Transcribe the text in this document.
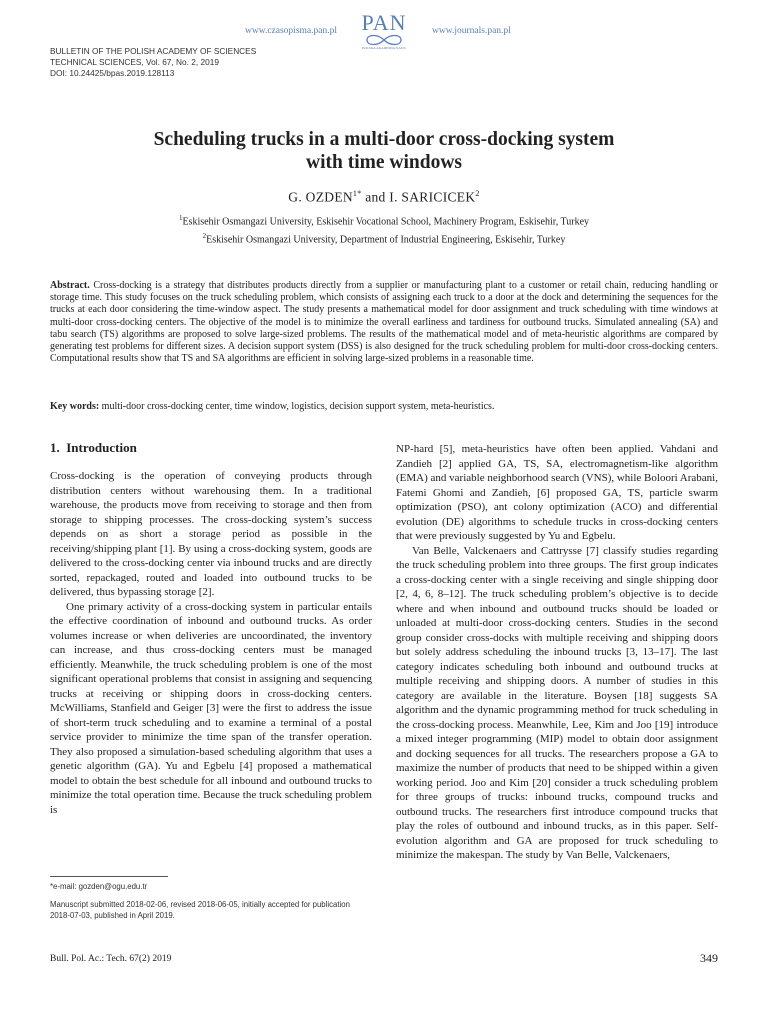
www.czasopisma.pan.pl PAN
POLSKA AKADEMIA NAUK
www.journals.pan.pl
BULLETIN OF THE POLISH ACADEMY OF SCIENCES
TECHNICAL SCIENCES, Vol. 67, No. 2, 2019
DOI: 10.24425/bpas.2019.128113
Scheduling trucks in a multi-door cross-docking system
with time windows
G. $OZDEN^{1*}$ and I. SARICICEK$^2$
$^1$Eskisehir Osmangazi University, Eskisehir Vocational School, Machinery Program, Eskisehir, Turkey
$^2$Eskisehir Osmangazi University, Department of Industrial Engineering, Eskisehir, Turkey
Abstract. Cross-docking is a strategy that distributes products directly from a supplier or manufacturing plant to a customer or retail chain, reducing handling or storage time. This study focuses on the truck scheduling problem, which consists of assigning each truck to a door at the dock and determining the sequences for the trucks at each door considering the time-window aspect. The study presents a mathematical model for door assignment and truck scheduling with time windows at multi-door cross-docking centers. The objective of the model is to minimize the overall earliness and tardiness for outbound trucks. Simulated annealing (SA) and tabu search (TS) algorithms are proposed to solve large-sized problems. The results of the mathematical model and of meta-heuristic algorithms are compared by generating test problems for different sizes. A decision support system (DSS) is also designed for the truck scheduling problem for multi-door cross-docking centers. Computational results show that TS and SA algorithms are efficient in solving large-sized problems in a reasonable time.
Key words: multi-door cross-docking center, time window, logistics, decision support system, meta-heuristics.
1. Introduction

Cross-docking is the operation of conveying products through distribution centers without warehousing them. In a traditional warehouse, the products move from receiving to storage and then from storage to shipping processes. The cross-docking system’s success depends on as short a storage period as possible in the receiving/shipping plant [1]. By using a cross-docking system, goods are delivered to the cross-docking center via inbound trucks and are directly sorted, repackaged, routed and loaded into outbound trucks to be delivered, thus bypassing storage [2].

One primary activity of a cross-docking system in particular entails the effective coordination of inbound and outbound trucks. As order volumes increase or when deliveries are uncoordinated, the inventory can increase, and thus cross-docking centers must be managed efficiently. Meanwhile, the truck scheduling problem is one of the most significant operational problems that consist in assigning and sequencing trucks at receiving or shipping doors in cross-docking centers. McWilliams, Stanfield and Geiger [3] were the first to address the issue of short-term truck scheduling and to examine a terminal of a postal service provider to minimize the time span of the transfer operation. They also proposed a simulation-based scheduling algorithm that uses a genetic algorithm (GA). Yu and Egbelu [4] proposed a mathematical model to obtain the best schedule for all inbound and outbound trucks to minimize the total operation time. Because the truck scheduling problem is

NP-hard [5], meta-heuristics have often been applied. Vahdani and Zandieh [2] applied GA, TS, SA, electromagnetism-like algorithm (EMA) and variable neighborhood search (VNS), while Boloori Arabani, Fatemi Ghomi and Zandieh, [6] proposed GA, TS, particle swarm optimization (PSO), ant colony optimization (ACO) and differential evolution (DE) algorithms to schedule trucks in cross-docking centers that were previously suggested by Yu and Egbelu.

Van Belle, Valckenaers and Cattrysse [7] classify studies regarding the truck scheduling problem into three groups. The first group indicates a cross-docking center with a single receiving and single shipping door [2, 4, 6, 8–12]. The truck scheduling problem’s objective is to decide where and when inbound and outbound trucks should be loaded or unloaded at multi-door cross-docking centers. Studies in the second group consider cross-docks with multiple receiving and shipping doors but solely address scheduling the inbound trucks [3, 13–17]. The last category indicates scheduling both inbound and outbound trucks at multiple receiving and shipping doors. A number of studies in this category are available in the literature. Boysen [18] suggests SA algorithm and the dynamic programming method for truck scheduling in the cross-docking process. Meanwhile, Lee, Kim and Joo [19] introduce a mixed integer programming (MIP) model to obtain door assignment and docking sequences for all trucks. The researchers propose a GA to maximize the number of products that need to be shipped within a given working period. Joo and Kim [20] consider a truck scheduling problem for three groups of trucks: inbound trucks, compound trucks and outbound trucks. The researchers first introduce compound trucks that play the roles of outbound and inbound trucks, as in this paper. Self-evolution algorithm and GA are proposed for truck scheduling to minimize the makespan. The study by Van Belle, Valckenaers,

*e-mail: gozden@ogu.edu.tr
Manuscript submitted 2018-02-06, revised 2018-06-05, initially accepted for publication 2018-07-03, published in April 2019.
Bull. Pol. Ac.: Tech. 67(2) 2019	349
